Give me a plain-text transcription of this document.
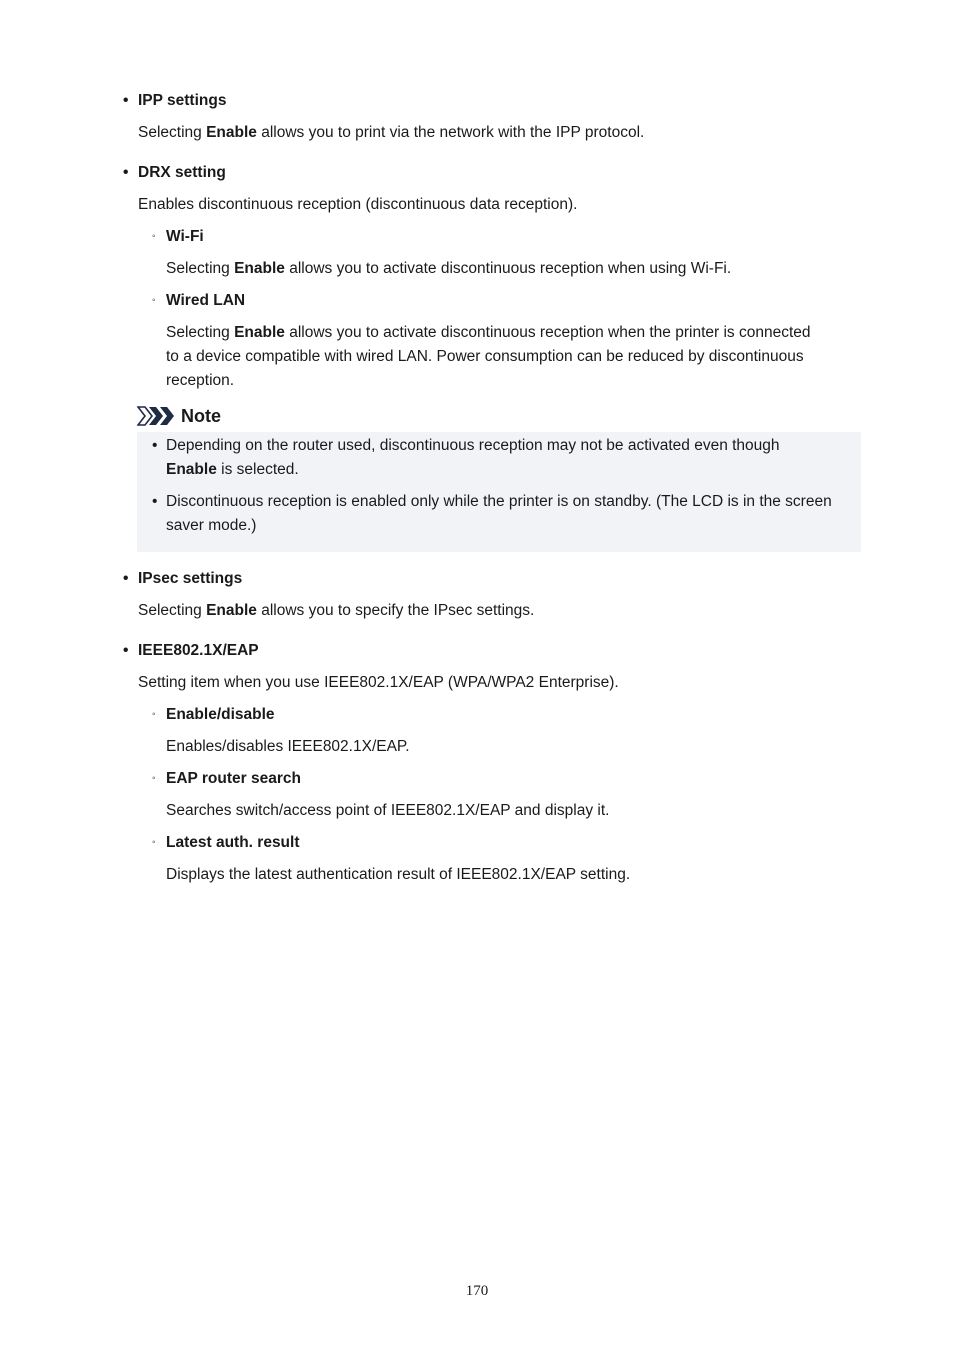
• IPP settings
Selecting Enable allows you to print via the network with the IPP protocol.
• DRX setting
Enables discontinuous reception (discontinuous data reception).
◦ Wi-Fi
Selecting Enable allows you to activate discontinuous reception when using Wi-Fi.
◦ Wired LAN
Selecting Enable allows you to activate discontinuous reception when the printer is connected
to a device compatible with wired LAN. Power consumption can be reduced by discontinuous
reception.
Note
• Depending on the router used, discontinuous reception may not be activated even though
Enable is selected.
• Discontinuous reception is enabled only while the printer is on standby. (The LCD is in the screen
saver mode.)
• IPsec settings
Selecting Enable allows you to specify the IPsec settings.
• IEEE802.1X/EAP
Setting item when you use IEEE802.1X/EAP (WPA/WPA2 Enterprise).
◦ Enable/disable
Enables/disables IEEE802.1X/EAP.
◦ EAP router search
Searches switch/access point of IEEE802.1X/EAP and display it.
◦ Latest auth. result
Displays the latest authentication result of IEEE802.1X/EAP setting.
170
